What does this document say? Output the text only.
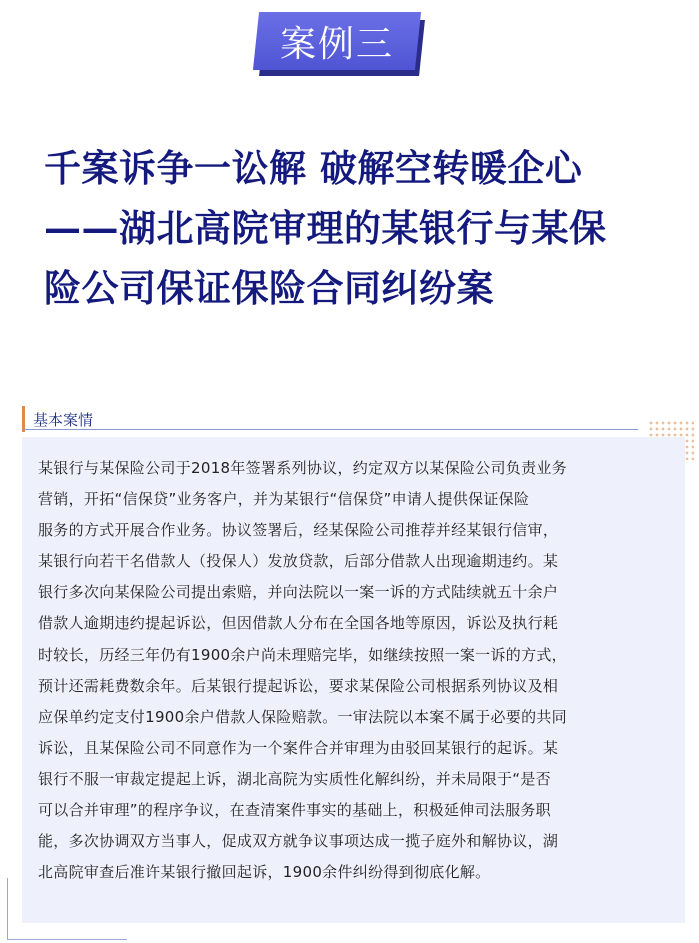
案例三
千案诉争一讼解 破解空转暖企心
——湖北高院审理的某银行与某保
险公司保证保险合同纠纷案
基本案情
某银行与某保险公司于2018年签署系列协议，约定双方以某保险公司负责业务
营销，开拓“信保贷”业务客户，并为某银行“信保贷”申请人提供保证保险
服务的方式开展合作业务。协议签署后，经某保险公司推荐并经某银行信审，
某银行向若干名借款人（投保人）发放贷款，后部分借款人出现逾期违约。某
银行多次向某保险公司提出索赔，并向法院以一案一诉的方式陆续就五十余户
借款人逾期违约提起诉讼，但因借款人分布在全国各地等原因，诉讼及执行耗
时较长，历经三年仍有1900余户尚未理赔完毕，如继续按照一案一诉的方式，
预计还需耗费数余年。后某银行提起诉讼，要求某保险公司根据系列协议及相
应保单约定支付1900余户借款人保险赔款。一审法院以本案不属于必要的共同
诉讼，且某保险公司不同意作为一个案件合并审理为由驳回某银行的起诉。某
银行不服一审裁定提起上诉，湖北高院为实质性化解纠纷，并未局限于“是否
可以合并审理”的程序争议，在查清案件事实的基础上，积极延伸司法服务职
能，多次协调双方当事人，促成双方就争议事项达成一揽子庭外和解协议，湖
北高院审查后准许某银行撤回起诉，1900余件纠纷得到彻底化解。
